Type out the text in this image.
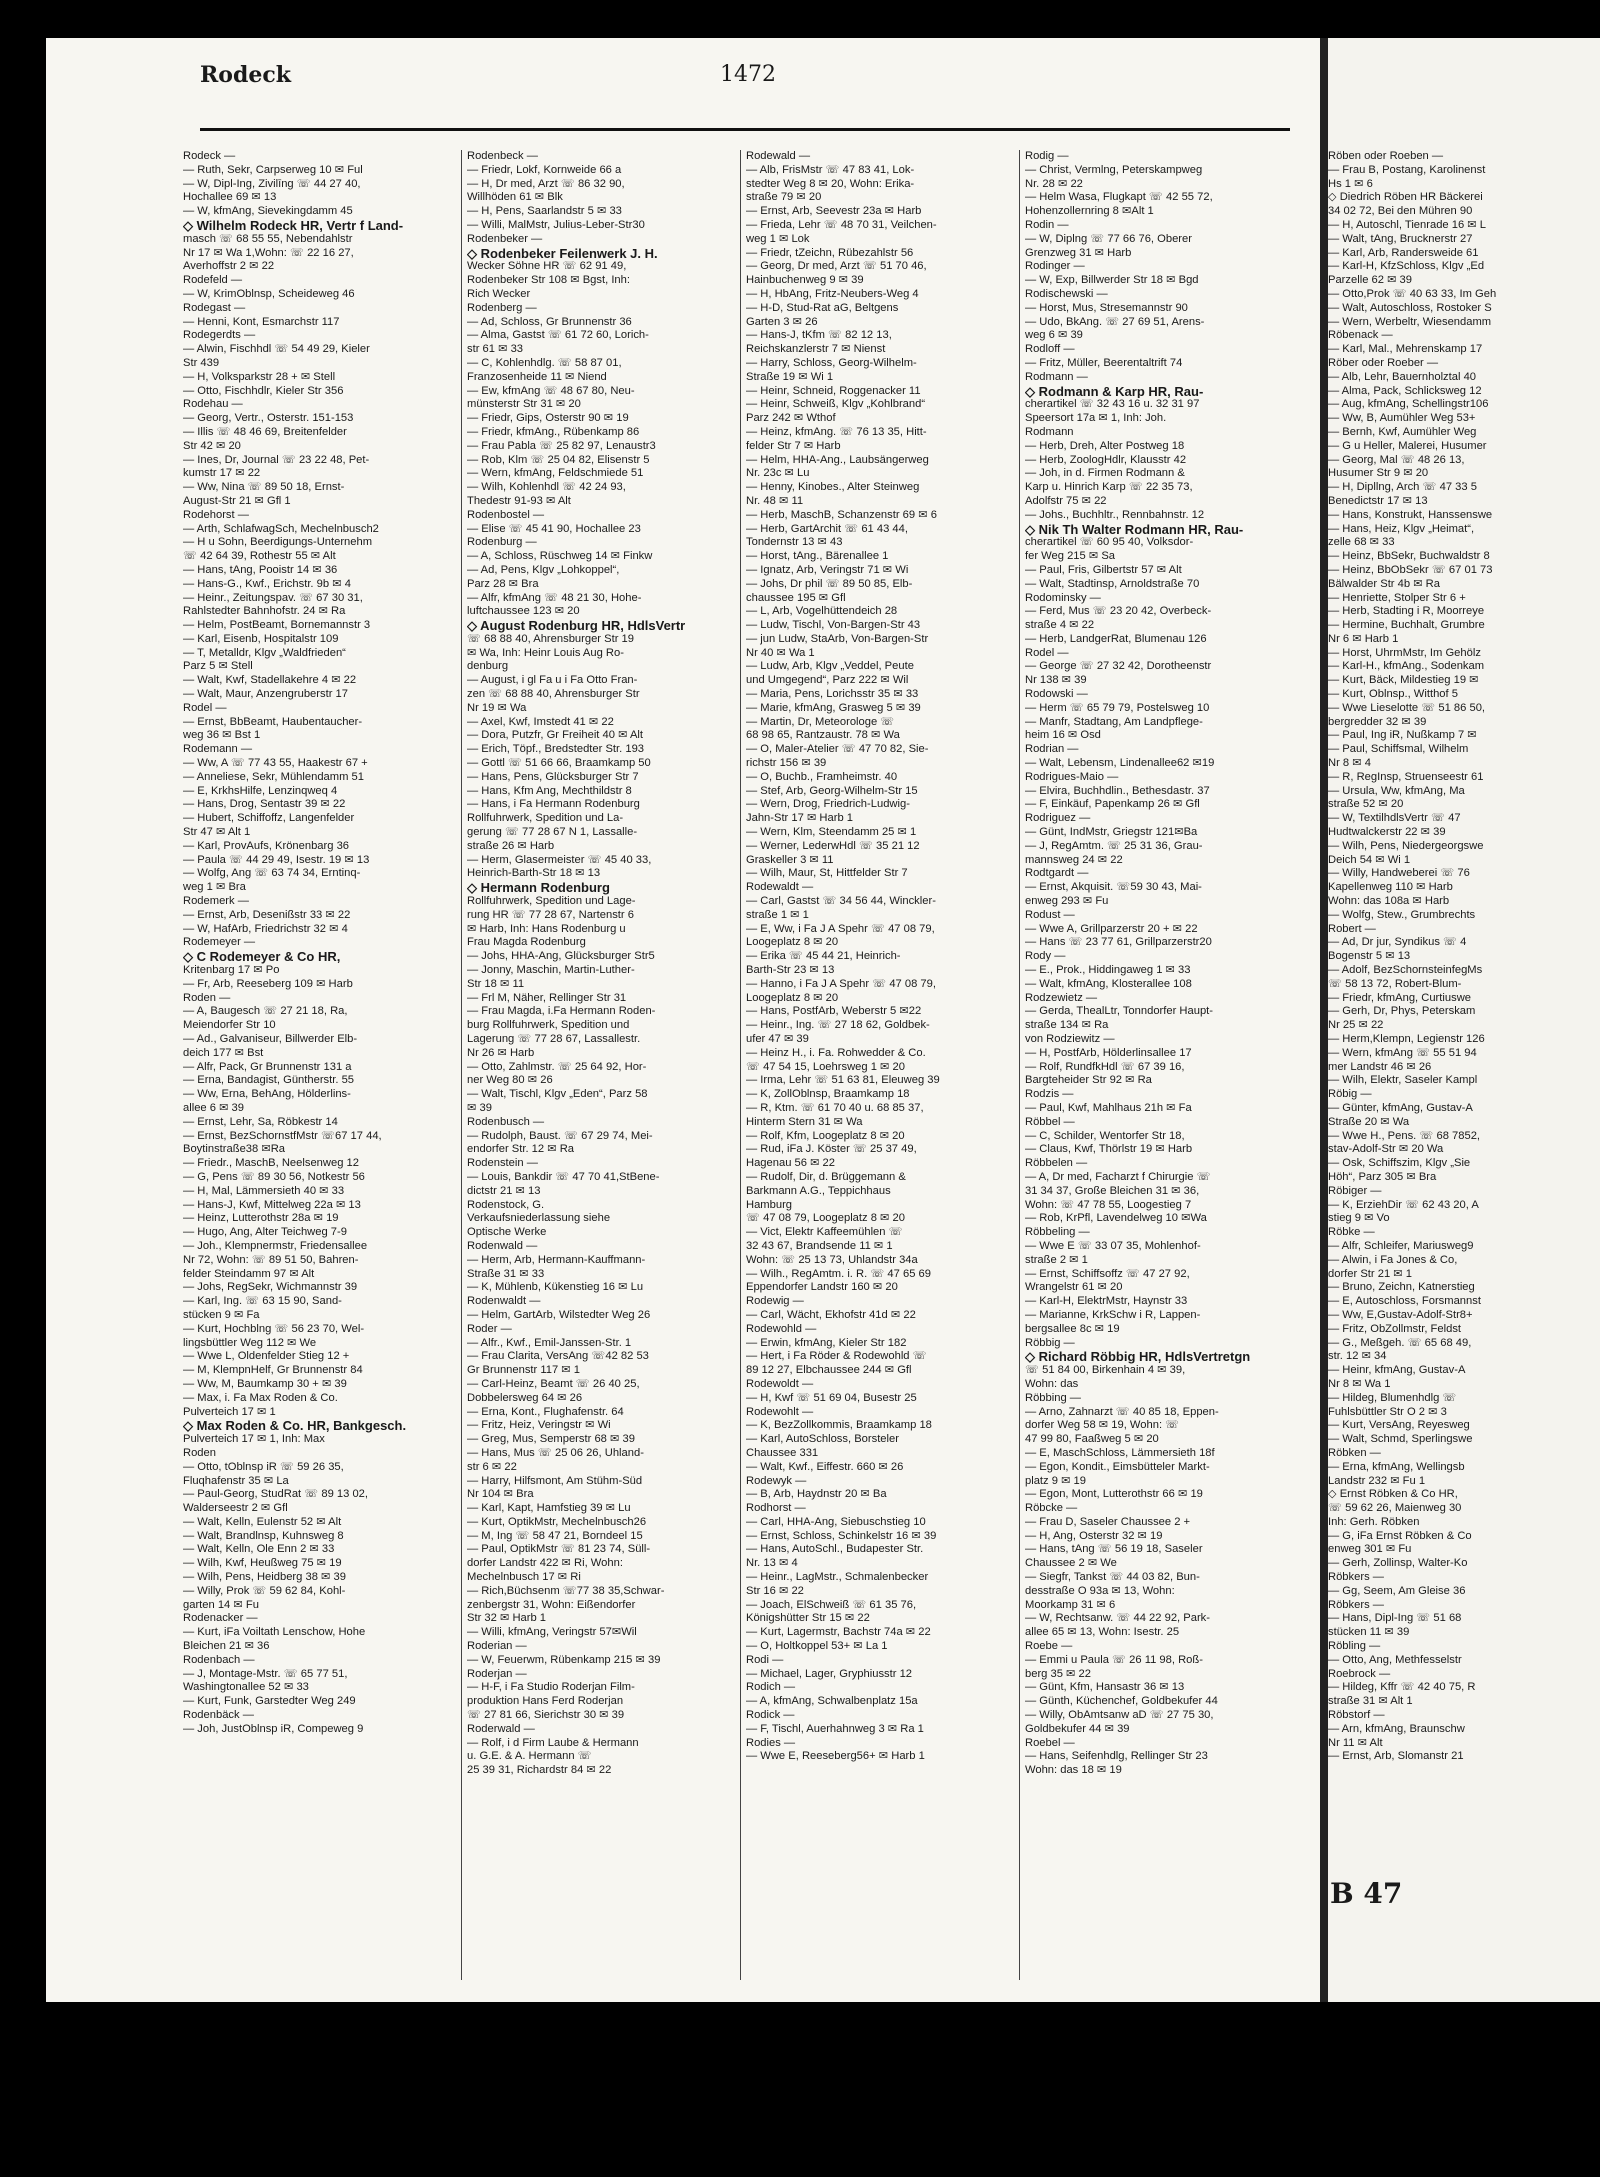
Rodeck	1472
Rodeck —
— Ruth, Sekr, Carpserweg 10 ✉ Ful
— W, Dipl-Ing, Zivilīng ☏ 44 27 40,
Hochallee 69 ✉ 13
— W, kfmAng, Sievekingdamm 45
◇ Wilhelm Rodeck HR, Vertr f Land-
masch ☏ 68 55 55, Nebendahlstr
Nr 17 ✉ Wa 1,Wohn: ☏ 22 16 27,
Averhoffstr 2 ✉ 22
Rodefeld —
— W, KrimOblnsp, Scheideweg 46
Rodegast —
— Henni, Kont, Esmarchstr 117
Rodegerdts —
— Alwin, Fischhdl ☏ 54 49 29, Kieler
Str 439
— H, Volksparkstr 28 + ✉ Stell
— Otto, Fischhdlr, Kieler Str 356
Rodehau —
— Georg, Vertr., Osterstr. 151-153
— Illis ☏ 48 46 69, Breitenfelder
Str 42 ✉ 20
— Ines, Dr, Journal ☏ 23 22 48, Pet-
kumstr 17 ✉ 22
— Ww, Nina ☏ 89 50 18, Ernst-
August-Str 21 ✉ Gfl 1
Rodehorst —
— Arth, SchlafwagSch, Mechelnbusch2
— H u Sohn, Beerdigungs-Unternehm
☏ 42 64 39, Rothestr 55 ✉ Alt
— Hans, tAng, Pooistr 14 ✉ 36
— Hans-G., Kwf., Erichstr. 9b ✉ 4
— Heinr., Zeitungspav. ☏ 67 30 31,
Rahlstedter Bahnhofstr. 24 ✉ Ra
— Helm, PostBeamt, Bornemannstr 3
— Karl, Eisenb, Hospitalstr 109
— T, Metalldr, Klgv „Waldfrieden“
Parz 5 ✉ Stell
— Walt, Kwf, Stadellakehre 4 ✉ 22
— Walt, Maur, Anzengruberstr 17
Rodel —
— Ernst, BbBeamt, Haubentaucher-
weg 36 ✉ Bst 1
Rodemann —
— Ww, A ☏ 77 43 55, Haakestr 67 +
— Anneliese, Sekr, Mühlendamm 51
— E, KrkhsHilfe, Lenzinqweq 4
— Hans, Drog, Sentastr 39 ✉ 22
— Hubert, Schiffoffz, Langenfelder
Str 47 ✉ Alt 1
— Karl, ProvAufs, Krönenbarg 36
— Paula ☏ 44 29 49, Isestr. 19 ✉ 13
— Wolfg, Ang ☏ 63 74 34, Erntinq-
weg 1 ✉ Bra
Rodemerk —
— Ernst, Arb, Desenißstr 33 ✉ 22
— W, HafArb, Friedrichstr 32 ✉ 4
Rodemeyer —
◇ C Rodemeyer & Co HR,
Kritenbarg 17 ✉ Po
— Fr, Arb, Reeseberg 109 ✉ Harb
Roden —
— A, Baugesch ☏ 27 21 18, Ra,
Meiendorfer Str 10
— Ad., Galvaniseur, Billwerder Elb-
deich 177 ✉ Bst
— Alfr, Pack, Gr Brunnenstr 131 a
— Erna, Bandagist, Güntherstr. 55
— Ww, Erna, BehAng, Hölderlins-
allee 6 ✉ 39
— Ernst, Lehr, Sa, Röbkestr 14
— Ernst, BezSchornstfMstr ☏67 17 44,
Boytinstraße38 ✉Ra
— Friedr., MaschB, Neelsenweg 12
— G, Pens ☏ 89 30 56, Notkestr 56
— H, Mal, Lämmersieth 40 ✉ 33
— Hans-J, Kwf, Mittelweg 22a ✉ 13
— Heinz, Lutterothstr 28a ✉ 19
— Hugo, Ang, Alter Teichweg 7-9
— Joh., Klempnermstr, Friedensallee
Nr 72, Wohn: ☏ 89 51 50, Bahren-
felder Steindamm 97 ✉ Alt
— Johs, RegSekr, Wichmannstr 39
— Karl, Ing. ☏ 63 15 90, Sand-
stücken 9 ✉ Fa
— Kurt, Hochblng ☏ 56 23 70, Wel-
lingsbüttler Weg 112 ✉ We
— Wwe L, Oldenfelder Stieg 12 +
— M, KlempnHelf, Gr Brunnenstr 84
— Ww, M, Baumkamp 30 + ✉ 39
— Max, i. Fa Max Roden & Co.
Pulverteich 17 ✉ 1
◇ Max Roden & Co. HR, Bankgesch.
Pulverteich 17 ✉ 1, Inh: Max
Roden
— Otto, tOblnsp iR ☏ 59 26 35,
Fluqhafenstr 35 ✉ La
— Paul-Georg, StudRat ☏ 89 13 02,
Walderseestr 2 ✉ Gfl
— Walt, Kelln, Eulenstr 52 ✉ Alt
— Walt, Brandlnsp, Kuhnsweg 8
— Walt, Kelln, Ole Enn 2 ✉ 33
— Wilh, Kwf, Heußweg 75 ✉ 19
— Wilh, Pens, Heidberg 38 ✉ 39
— Willy, Prok ☏ 59 62 84, Kohl-
garten 14 ✉ Fu
Rodenacker —
— Kurt, iFa Voiltath Lenschow, Hohe
Bleichen 21 ✉ 36
Rodenbach —
— J, Montage-Mstr. ☏ 65 77 51,
Washingtonallee 52 ✉ 33
— Kurt, Funk, Garstedter Weg 249
Rodenbäck —
— Joh, JustOblnsp iR, Compeweg 9
Rodenbeck —
— Friedr, Lokf, Kornweide 66 a
— H, Dr med, Arzt ☏ 86 32 90,
Willhöden 61 ✉ Blk
— H, Pens, Saarlandstr 5 ✉ 33
— Willi, MalMstr, Julius-Leber-Str30
Rodenbeker —
◇ Rodenbeker Feilenwerk J. H.
Wecker Söhne HR ☏ 62 91 49,
Rodenbeker Str 108 ✉ Bgst, Inh:
Rich Wecker
Rodenberg —
— Ad, Schloss, Gr Brunnenstr 36
— Alma, Gastst ☏ 61 72 60, Lorich-
str 61 ✉ 33
— C, Kohlenhdlg. ☏ 58 87 01,
Franzosenheide 11 ✉ Niend
— Ew, kfmAng ☏ 48 67 80, Neu-
münsterstr Str 31 ✉ 20
— Friedr, Gips, Osterstr 90 ✉ 19
— Friedr, kfmAng., Rübenkamp 86
— Frau Pabla ☏ 25 82 97, Lenaustr3
— Rob, Klm ☏ 25 04 82, Elisenstr 5
— Wern, kfmAng, Feldschmiede 51
— Wilh, Kohlenhdl ☏ 42 24 93,
Thedestr 91-93 ✉ Alt
Rodenbostel —
— Elise ☏ 45 41 90, Hochallee 23
Rodenburg —
— A, Schloss, Rüschweg 14 ✉ Finkw
— Ad, Pens, Klgv „Lohkoppel“,
Parz 28 ✉ Bra
— Alfr, kfmAng ☏ 48 21 30, Hohe-
luftchaussee 123 ✉ 20
◇ August Rodenburg HR, HdlsVertr
☏ 68 88 40, Ahrensburger Str 19
✉ Wa, Inh: Heinr Louis Aug Ro-
denburg
— August, i gl Fa u i Fa Otto Fran-
zen ☏ 68 88 40, Ahrensburger Str
Nr 19 ✉ Wa
— Axel, Kwf, Imstedt 41 ✉ 22
— Dora, Putzfr, Gr Freiheit 40 ✉ Alt
— Erich, Töpf., Bredstedter Str. 193
— Gottl ☏ 51 66 66, Braamkamp 50
— Hans, Pens, Glücksburger Str 7
— Hans, Kfm Ang, Mechthildstr 8
— Hans, i Fa Hermann Rodenburg
Rollfuhrwerk, Spedition und La-
gerung ☏ 77 28 67 N 1, Lassalle-
straße 26 ✉ Harb
— Herm, Glasermeister ☏ 45 40 33,
Heinrich-Barth-Str 18 ✉ 13
◇ Hermann Rodenburg
Rollfuhrwerk, Spedition und Lage-
rung HR ☏ 77 28 67, Nartenstr 6
✉ Harb, Inh: Hans Rodenburg u
Frau Magda Rodenburg
— Johs, HHA-Ang, Glücksburger Str5
— Jonny, Maschin, Martin-Luther-
Str 18 ✉ 11
— Frl M, Näher, Rellinger Str 31
— Frau Magda, i.Fa Hermann Roden-
burg Rollfuhrwerk, Spedition und
Lagerung ☏ 77 28 67, Lassallestr.
Nr 26 ✉ Harb
— Otto, Zahlmstr. ☏ 25 64 92, Hor-
ner Weg 80 ✉ 26
— Walt, Tischl, Klgv „Eden“, Parz 58
✉ 39
Rodenbusch —
— Rudolph, Baust. ☏ 67 29 74, Mei-
endorfer Str. 12 ✉ Ra
Rodenstein —
— Louis, Bankdir ☏ 47 70 41,StBene-
dictstr 21 ✉ 13
Rodenstock, G.
Verkaufsniederlassung siehe
Optische Werke
Rodenwald —
— Herm, Arb, Hermann-Kauffmann-
Straße 31 ✉ 33
— K, Mühlenb, Kükenstieg 16 ✉ Lu
Rodenwaldt —
— Helm, GartArb, Wilstedter Weg 26
Roder —
— Alfr., Kwf., Emil-Janssen-Str. 1
— Frau Clarita, VersAng ☏42 82 53
Gr Brunnenstr 117 ✉ 1
— Carl-Heinz, Beamt ☏ 26 40 25,
Dobbelersweg 64 ✉ 26
— Erna, Kont., Flughafenstr. 64
— Fritz, Heiz, Veringstr ✉ Wi
— Greg, Mus, Semperstr 68 ✉ 39
— Hans, Mus ☏ 25 06 26, Uhland-
str 6 ✉ 22
— Harry, Hilfsmont, Am Stühm-Süd
Nr 104 ✉ Bra
— Karl, Kapt, Hamfstieg 39 ✉ Lu
— Kurt, OptikMstr, Mechelnbusch26
— M, Ing ☏ 58 47 21, Borndeel 15
— Paul, OptikMstr ☏ 81 23 74, Süll-
dorfer Landstr 422 ✉ Ri, Wohn:
Mechelnbusch 17 ✉ Ri
— Rich,Büchsenm ☏77 38 35,Schwar-
zenbergstr 31, Wohn: Eißendorfer
Str 32 ✉ Harb 1
— Willi, kfmAng, Veringstr 57✉Wil
Roderian —
— W, Feuerwm, Rübenkamp 215 ✉ 39
Roderjan —
— H-F, i Fa Studio Roderjan Film-
produktion Hans Ferd Roderjan
☏ 27 81 66, Sierichstr 30 ✉ 39
Roderwald —
— Rolf, i d Firm Laube & Hermann
u. G.E. & A. Hermann ☏
25 39 31, Richardstr 84 ✉ 22
Rodewald —
— Alb, FrisMstr ☏ 47 83 41, Lok-
stedter Weg 8 ✉ 20, Wohn: Erika-
straße 79 ✉ 20
— Ernst, Arb, Seevestr 23a ✉ Harb
— Frieda, Lehr ☏ 48 70 31, Veilchen-
weg 1 ✉ Lok
— Friedr, tZeichn, Rübezahlstr 56
— Georg, Dr med, Arzt ☏ 51 70 46,
Hainbuchenweg 9 ✉ 39
— H, HbAng, Fritz-Neubers-Weg 4
— H-D, Stud-Rat aG, Beltgens
Garten 3 ✉ 26
— Hans-J, tKfm ☏ 82 12 13,
Reichskanzlerstr 7 ✉ Nienst
— Harry, Schloss, Georg-Wilhelm-
Straße 19 ✉ Wi 1
— Heinr, Schneid, Roggenacker 11
— Heinr, Schweiß, Klgv „Kohlbrand“
Parz 242 ✉ Wthof
— Heinz, kfmAng. ☏ 76 13 35, Hitt-
felder Str 7 ✉ Harb
— Helm, HHA-Ang., Laubsängerweg
Nr. 23c ✉ Lu
— Henny, Kinobes., Alter Steinweg
Nr. 48 ✉ 11
— Herb, MaschB, Schanzenstr 69 ✉ 6
— Herb, GartArchit ☏ 61 43 44,
Tondernstr 13 ✉ 43
— Horst, tAng., Bärenallee 1
— Ignatz, Arb, Veringstr 71 ✉ Wi
— Johs, Dr phil ☏ 89 50 85, Elb-
chaussee 195 ✉ Gfl
— L, Arb, Vogelhüttendeich 28
— Ludw, Tischl, Von-Bargen-Str 43
— jun Ludw, StaArb, Von-Bargen-Str
Nr 40 ✉ Wa 1
— Ludw, Arb, Klgv „Veddel, Peute
und Umgegend“, Parz 222 ✉ Wil
— Maria, Pens, Lorichsstr 35 ✉ 33
— Marie, kfmAng, Grasweg 5 ✉ 39
— Martin, Dr, Meteorologe ☏
68 98 65, Rantzaustr. 78 ✉ Wa
— O, Maler-Atelier ☏ 47 70 82, Sie-
richstr 156 ✉ 39
— O, Buchb., Framheimstr. 40
— Stef, Arb, Georg-Wilhelm-Str 15
— Wern, Drog, Friedrich-Ludwig-
Jahn-Str 17 ✉ Harb 1
— Wern, Klm, Steendamm 25 ✉ 1
— Werner, LederwHdl ☏ 35 21 12
Graskeller 3 ✉ 11
— Wilh, Maur, St, Hittfelder Str 7
Rodewaldt —
— Carl, Gastst ☏ 34 56 44, Winckler-
straße 1 ✉ 1
— E, Ww, i Fa J A Spehr ☏ 47 08 79,
Loogeplatz 8 ✉ 20
— Erika ☏ 45 44 21, Heinrich-
Barth-Str 23 ✉ 13
— Hanno, i Fa J A Spehr ☏ 47 08 79,
Loogeplatz 8 ✉ 20
— Hans, PostfArb, Weberstr 5 ✉22
— Heinr., Ing. ☏ 27 18 62, Goldbek-
ufer 47 ✉ 39
— Heinz H., i. Fa. Rohwedder & Co.
☏ 47 54 15, Loehrsweg 1 ✉ 20
— Irma, Lehr ☏ 51 63 81, Eleuweg 39
— K, ZollOblnsp, Braamkamp 18
— R, Ktm. ☏ 61 70 40 u. 68 85 37,
Hinterm Stern 31 ✉ Wa
— Rolf, Kfm, Loogeplatz 8 ✉ 20
— Rud, iFa J. Köster ☏ 25 37 49,
Hagenau 56 ✉ 22
— Rudolf, Dir, d. Brüggemann &
Barkmann A.G., Teppichhaus
Hamburg
☏ 47 08 79, Loogeplatz 8 ✉ 20
— Vict, Elektr Kaffeemühlen ☏
32 43 67, Brandsende 11 ✉ 1
Wohn: ☏ 25 13 73, Uhlandstr 34a
— Wilh., RegAmtm. i. R. ☏ 47 65 69
Eppendorfer Landstr 160 ✉ 20
Rodewig —
— Carl, Wächt, Ekhofstr 41d ✉ 22
Rodewohld —
— Erwin, kfmAng, Kieler Str 182
— Hert, i Fa Röder & Rodewohld ☏
89 12 27, Elbchaussee 244 ✉ Gfl
Rodewoldt —
— H, Kwf ☏ 51 69 04, Busestr 25
Rodewohlt —
— K, BezZollkommis, Braamkamp 18
— Karl, AutoSchloss, Borsteler
Chaussee 331
— Walt, Kwf., Eiffestr. 660 ✉ 26
Rodewyk —
— B, Arb, Haydnstr 20 ✉ Ba
Rodhorst —
— Carl, HHA-Ang, Siebuschstieg 10
— Ernst, Schloss, Schinkelstr 16 ✉ 39
— Hans, AutoSchl., Budapester Str.
Nr. 13 ✉ 4
— Heinr., LagMstr., Schmalenbecker
Str 16 ✉ 22
— Joach, ElSchweiß ☏ 61 35 76,
Königshütter Str 15 ✉ 22
— Kurt, Lagermstr, Bachstr 74a ✉ 22
— O, Holtkoppel 53+ ✉ La 1
Rodi —
— Michael, Lager, Gryphiusstr 12
Rodich —
— A, kfmAng, Schwalbenplatz 15a
Rodick —
— F, Tischl, Auerhahnweg 3 ✉ Ra 1
Rodies —
— Wwe E, Reeseberg56+ ✉ Harb 1
Rodig —
— Christ, Vermlng, Peterskampweg
Nr. 28 ✉ 22
— Helm Wasa, Flugkapt ☏ 42 55 72,
Hohenzollernring 8 ✉Alt 1
Rodin —
— W, Diplng ☏ 77 66 76, Oberer
Grenzweg 31 ✉ Harb
Rodinger —
— W, Exp, Billwerder Str 18 ✉ Bgd
Rodischewski —
— Horst, Mus, Stresemannstr 90
— Udo, BkAng. ☏ 27 69 51, Arens-
weg 6 ✉ 39
Rodloff —
— Fritz, Müller, Beerentaltrift 74
Rodmann —
◇ Rodmann & Karp HR, Rau-
cherartikel ☏ 32 43 16 u. 32 31 97
Speersort 17a ✉ 1, Inh: Joh.
Rodmann
— Herb, Dreh, Alter Postweg 18
— Herb, ZoologHdlr, Klausstr 42
— Joh, in d. Firmen Rodmann &
Karp u. Hinrich Karp ☏ 22 35 73,
Adolfstr 75 ✉ 22
— Johs., Buchhltr., Rennbahnstr. 12
◇ Nik Th Walter Rodmann HR, Rau-
cherartikel ☏ 60 95 40, Volksdor-
fer Weg 215 ✉ Sa
— Paul, Fris, Gilbertstr 57 ✉ Alt
— Walt, Stadtinsp, Arnoldstraße 70
Rodominsky —
— Ferd, Mus ☏ 23 20 42, Overbeck-
straße 4 ✉ 22
— Herb, LandgerRat, Blumenau 126
Rodel —
— George ☏ 27 32 42, Dorotheenstr
Nr 138 ✉ 39
Rodowski —
— Herm ☏ 65 79 79, Postelsweg 10
— Manfr, Stadtang, Am Landpflege-
heim 16 ✉ Osd
Rodrian —
— Walt, Lebensm, Lindenallee62 ✉19
Rodrigues-Maio —
— Elvira, Buchhdlin., Bethesdastr. 37
— F, Einkäuf, Papenkamp 26 ✉ Gfl
Rodriguez —
— Günt, IndMstr, Griegstr 121✉Ba
— J, RegAmtm. ☏ 25 31 36, Grau-
mannsweg 24 ✉ 22
Rodtgardt —
— Ernst, Akquisit. ☏59 30 43, Mai-
enweg 293 ✉ Fu
Rodust —
— Wwe A, Grillparzerstr 20 + ✉ 22
— Hans ☏ 23 77 61, Grillparzerstr20
Rody —
— E., Prok., Hiddingaweg 1 ✉ 33
— Walt, kfmAng, Klosterallee 108
Rodzewietz —
— Gerda, ThealLtr, Tonndorfer Haupt-
straße 134 ✉ Ra
von Rodziewitz —
— H, PostfArb, Hölderlinsallee 17
— Rolf, RundfkHdl ☏ 67 39 16,
Bargteheider Str 92 ✉ Ra
Rodzis —
— Paul, Kwf, Mahlhaus 21h ✉ Fa
Röbbel —
— C, Schilder, Wentorfer Str 18,
— Claus, Kwf, Thörlstr 19 ✉ Harb
Röbbelen —
— A, Dr med, Facharzt f Chirurgie ☏
31 34 37, Große Bleichen 31 ✉ 36,
Wohn: ☏ 47 78 55, Loogestieg 7
— Rob, KrPfl, Lavendelweg 10 ✉Wa
Röbbeling —
— Wwe E ☏ 33 07 35, Mohlenhof-
straße 2 ✉ 1
— Ernst, Schiffsoffz ☏ 47 27 92,
Wrangelstr 61 ✉ 20
— Karl-H, ElektrMstr, Haynstr 33
— Marianne, KrkSchw i R, Lappen-
bergsallee 8c ✉ 19
Röbbig —
◇ Richard Röbbig HR, HdlsVertretgn
☏ 51 84 00, Birkenhain 4 ✉ 39,
Wohn: das
Röbbing —
— Arno, Zahnarzt ☏ 40 85 18, Eppen-
dorfer Weg 58 ✉ 19, Wohn: ☏
47 99 80, Faaßweg 5 ✉ 20
— E, MaschSchloss, Lämmersieth 18f
— Egon, Kondit., Eimsbütteler Markt-
platz 9 ✉ 19
— Egon, Mont, Lutterothstr 66 ✉ 19
Röbcke —
— Frau D, Saseler Chaussee 2 +
— H, Ang, Osterstr 32 ✉ 19
— Hans, tAng ☏ 56 19 18, Saseler
Chaussee 2 ✉ We
— Siegfr, Tankst ☏ 44 03 82, Bun-
desstraße O 93a ✉ 13, Wohn:
Moorkamp 31 ✉ 6
— W, Rechtsanw. ☏ 44 22 92, Park-
allee 65 ✉ 13, Wohn: Isestr. 25
Roebe —
— Emmi u Paula ☏ 26 11 98, Roß-
berg 35 ✉ 22
— Günt, Kfm, Hansastr 36 ✉ 13
— Günth, Küchenchef, Goldbekufer 44
— Willy, ObAmtsanw aD ☏ 27 75 30,
Goldbekufer 44 ✉ 39
Roebel —
— Hans, Seifenhdlg, Rellinger Str 23
Wohn: das 18 ✉ 19
Röben oder Roeben —
— Frau B, Postang, Karolinenst
Hs 1 ✉ 6
◇ Diedrich Röben HR Bäckerei
34 02 72, Bei den Mühren 90
— H, Autoschl, Tienrade 16 ✉ L
— Walt, tAng, Brucknerstr 27
— Karl, Arb, Randersweide 61
— Karl-H, KfzSchloss, Klgv „Ed
Parzelle 62 ✉ 39
— Otto,Prok ☏ 40 63 33, Im Geh
— Walt, Autoschloss, Rostoker S
— Wern, Werbeltr, Wiesendamm
Röbenack —
— Karl, Mal., Mehrenskamp 17
Röber oder Roeber —
— Alb, Lehr, Bauernholztal 40
— Alma, Pack, Schlicksweg 12
— Aug, kfmAng, Schellingstr106
— Ww, B, Aumühler Weg 53+
— Bernh, Kwf, Aumühler Weg
— G u Heller, Malerei, Husumer
— Georg, Mal ☏ 48 26 13,
Husumer Str 9 ✉ 20
— H, Dipllng, Arch ☏ 47 33 5
Benedictstr 17 ✉ 13
— Hans, Konstrukt, Hanssenswe
— Hans, Heiz, Klgv „Heimat“,
zelle 68 ✉ 33
— Heinz, BbSekr, Buchwaldstr 8
— Heinz, BbObSekr ☏ 67 01 73
Bälwalder Str 4b ✉ Ra
— Henriette, Stolper Str 6 +
— Herb, Stadting i R, Moorreye
— Hermine, Buchhalt, Grumbre
Nr 6 ✉ Harb 1
— Horst, UhrmMstr, Im Gehölz
— Karl-H., kfmAng., Sodenkam
— Kurt, Bäck, Mildestieg 19 ✉
— Kurt, Oblnsp., Witthof 5
— Wwe Lieselotte ☏ 51 86 50,
bergredder 32 ✉ 39
— Paul, Ing iR, Nußkamp 7 ✉
— Paul, Schiffsmal, Wilhelm
Nr 8 ✉ 4
— R, RegInsp, Struenseestr 61
— Ursula, Ww, kfmAng, Ma
straße 52 ✉ 20
— W, TextilhdlsVertr ☏ 47
Hudtwalckerstr 22 ✉ 39
— Wilh, Pens, Niedergeorgswe
Deich 54 ✉ Wi 1
— Willy, Handweberei ☏ 76
Kapellenweg 110 ✉ Harb
Wohn: das 108a ✉ Harb
— Wolfg, Stew., Grumbrechts
Robert —
— Ad, Dr jur, Syndikus ☏ 4
Bogenstr 5 ✉ 13
— Adolf, BezSchornsteinfegMs
☏ 58 13 72, Robert-Blum-
— Friedr, kfmAng, Curtiuswe
— Gerh, Dr, Phys, Peterskam
Nr 25 ✉ 22
— Herm,Klempn, Legienstr 126
— Wern, kfmAng ☏ 55 51 94
mer Landstr 46 ✉ 26
— Wilh, Elektr, Saseler Kampl
Röbig —
— Günter, kfmAng, Gustav-A
Straße 20 ✉ Wa
— Wwe H., Pens. ☏ 68 7852,
stav-Adolf-Str ✉ 20 Wa
— Osk, Schiffszim, Klgv „Sie
Höh“, Parz 305 ✉ Bra
Röbiger —
— K, ErziehDir ☏ 62 43 20, A
stieg 9 ✉ Vo
Röbke —
— Alfr, Schleifer, Mariusweg9
— Alwin, i Fa Jones & Co,
dorfer Str 21 ✉ 1
— Bruno, Zeichn, Katnerstieg
— E, Autoschloss, Forsmannst
— Ww, E,Gustav-Adolf-Str8+
— Fritz, ObZollmstr, Feldst
— G., Meßgeh. ☏ 65 68 49,
str. 12 ✉ 34
— Heinr, kfmAng, Gustav-A
Nr 8 ✉ Wa 1
— Hildeg, Blumenhdlg ☏
Fuhlsbüttler Str O 2 ✉ 3
— Kurt, VersAng, Reyesweg
— Walt, Schmd, Sperlingswe
Röbken —
— Erna, kfmAng, Wellingsb
Landstr 232 ✉ Fu 1
◇ Ernst Röbken & Co HR,
☏ 59 62 26, Maienweg 30
Inh: Gerh. Röbken
— G, iFa Ernst Röbken & Co
enweg 301 ✉ Fu
— Gerh, Zollinsp, Walter-Ko
Röbkers —
— Gg, Seem, Am Gleise 36
Röbkers —
— Hans, Dipl-Ing ☏ 51 68
stücken 11 ✉ 39
Röbling —
— Otto, Ang, Methfesselstr
Roebrock —
— Hildeg, Kffr ☏ 42 40 75, R
straße 31 ✉ Alt 1
Röbstorf —
— Arn, kfmAng, Braunschw
Nr 11 ✉ Alt
— Ernst, Arb, Slomanstr 21
B 47
